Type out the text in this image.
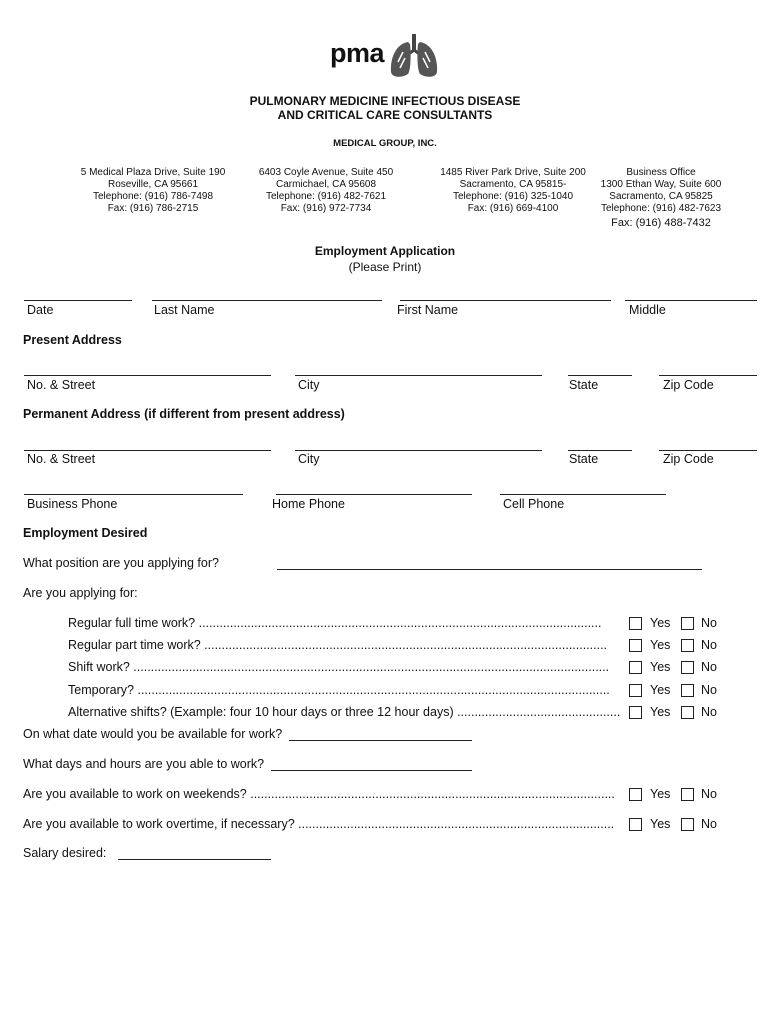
pma
PULMONARY MEDICINE INFECTIOUS DISEASE
AND CRITICAL CARE CONSULTANTS
MEDICAL GROUP, INC.
5 Medical Plaza Drive, Suite 190
Roseville, CA 95661
Telephone: (916) 786-7498
Fax: (916) 786-2715
6403 Coyle Avenue, Suite 450
Carmichael, CA 95608
Telephone: (916) 482-7621
Fax: (916) 972-7734
1485 River Park Drive, Suite 200
Sacramento, CA 95815-
Telephone: (916) 325-1040
Fax: (916) 669-4100
Business Office
1300 Ethan Way, Suite 600
Sacramento, CA 95825
Telephone: (916) 482-7623
Fax: (916) 488-7432
Employment Application
(Please Print)
Date	Last Name	First Name	Middle
Present Address
No. & Street	City	State	Zip Code
Permanent Address (if different from present address)
No. & Street	City	State	Zip Code
Business Phone	Home Phone	Cell Phone
Employment Desired
What position are you applying for?
Are you applying for:
Regular full time work? ....................................................................................................................	Yes No
Regular part time work? ....................................................................................................................	Yes No
Shift work? .........................................................................................................................................	Yes No
Temporary? ........................................................................................................................................	Yes No
Alternative shifts? (Example: four 10 hour days or three 12 hour days) ............................................... Yes No
On what date would you be available for work?
What days and hours are you able to work?
Are you available to work on weekends? .........................................................................................................	Yes No
Are you available to work overtime, if necessary? ...........................................................................................	Yes No
Salary desired:
